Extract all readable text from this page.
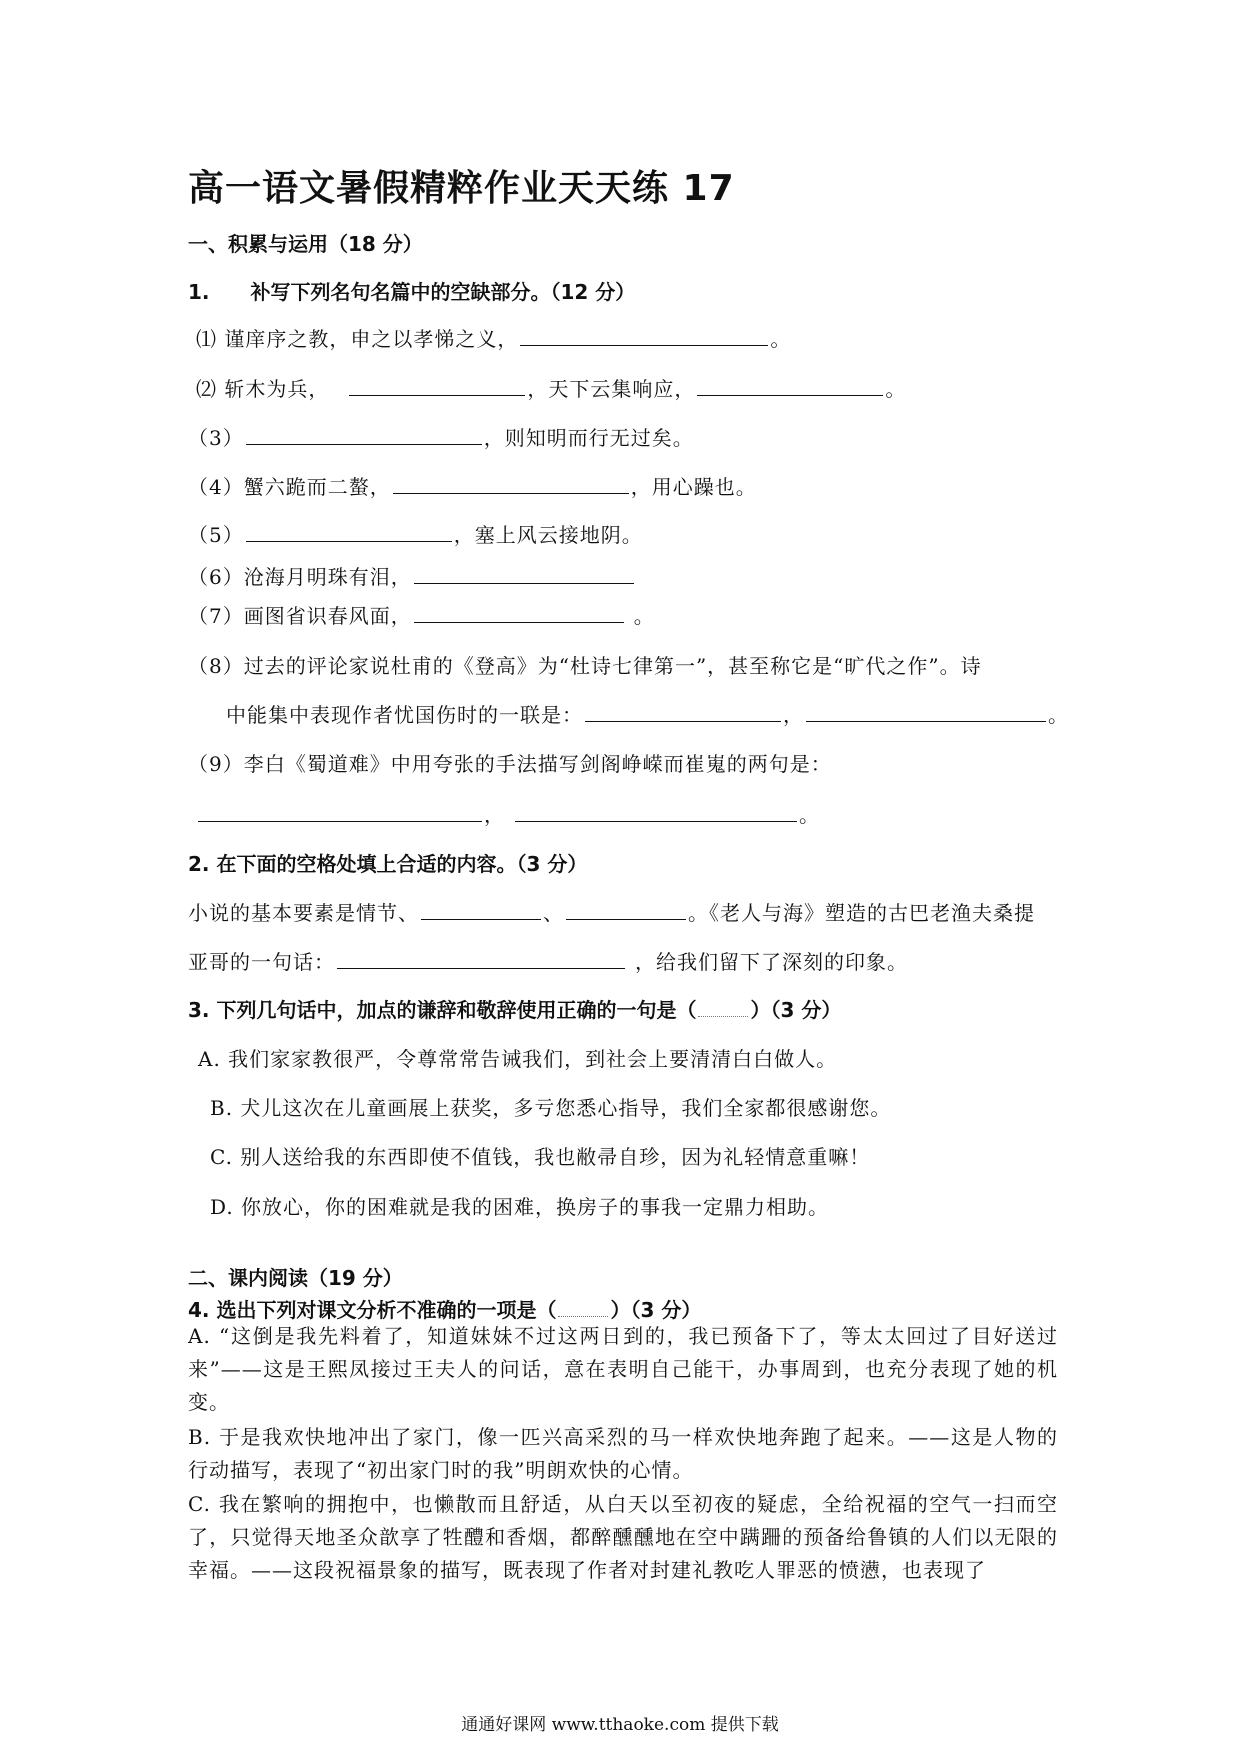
高一语文暑假精粹作业天天练 17
一、积累与运用（18 分）
1. 补写下列名句名篇中的空缺部分。（12 分）
⑴ 谨庠序之教，申之以孝悌之义，	。
⑵ 斩木为兵，	，天下云集响应，	。
（3）	，则知明而行无过矣。
（4）蟹六跪而二螯，	，用心躁也。
（5）	，塞上风云接地阴。
（6）沧海月明珠有泪，
（7）画图省识春风面，	。
（8）过去的评论家说杜甫的《登高》为“杜诗七律第一”，甚至称它是“旷代之作”。诗
中能集中表现作者忧国伤时的一联是：	，	。
（9）李白《蜀道难》中用夸张的手法描写剑阁峥嵘而崔嵬的两句是：
，	。
2. 在下面的空格处填上合适的内容。（3 分）
小说的基本要素是情节、	、	。《老人与海》塑造的古巴老渔夫桑提
亚哥的一句话：	，给我们留下了深刻的印象。
3. 下列几句话中，加点的谦辞和敬辞使用正确的一句是（	）（3 分）
A. 我们家家教很严，令尊常常告诫我们，到社会上要清清白白做人。
B. 犬儿这次在儿童画展上获奖，多亏您悉心指导，我们全家都很感谢您。
C. 别人送给我的东西即使不值钱，我也敝帚自珍，因为礼轻情意重嘛！
D. 你放心，你的困难就是我的困难，换房子的事我一定鼎力相助。
二、课内阅读（19 分）
4. 选出下列对课文分析不准确的一项是（	）（3 分）
A. “这倒是我先料着了，知道妹妹不过这两日到的，我已预备下了，等太太回过了目好送过来”——这是王熙凤接过王夫人的问话，意在表明自己能干，办事周到，也充分表现了她的机变。
B. 于是我欢快地冲出了家门，像一匹兴高采烈的马一样欢快地奔跑了起来。——这是人物的行动描写，表现了“初出家门时的我”明朗欢快的心情。
C. 我在繁响的拥抱中，也懒散而且舒适，从白天以至初夜的疑虑，全给祝福的空气一扫而空了，只觉得天地圣众歆享了牲醴和香烟，都醉醺醺地在空中蹒跚的预备给鲁镇的人们以无限的幸福。——这段祝福景象的描写，既表现了作者对封建礼教吃人罪恶的愤懑，也表现了
通通好课网 www.tthaoke.com 提供下载
